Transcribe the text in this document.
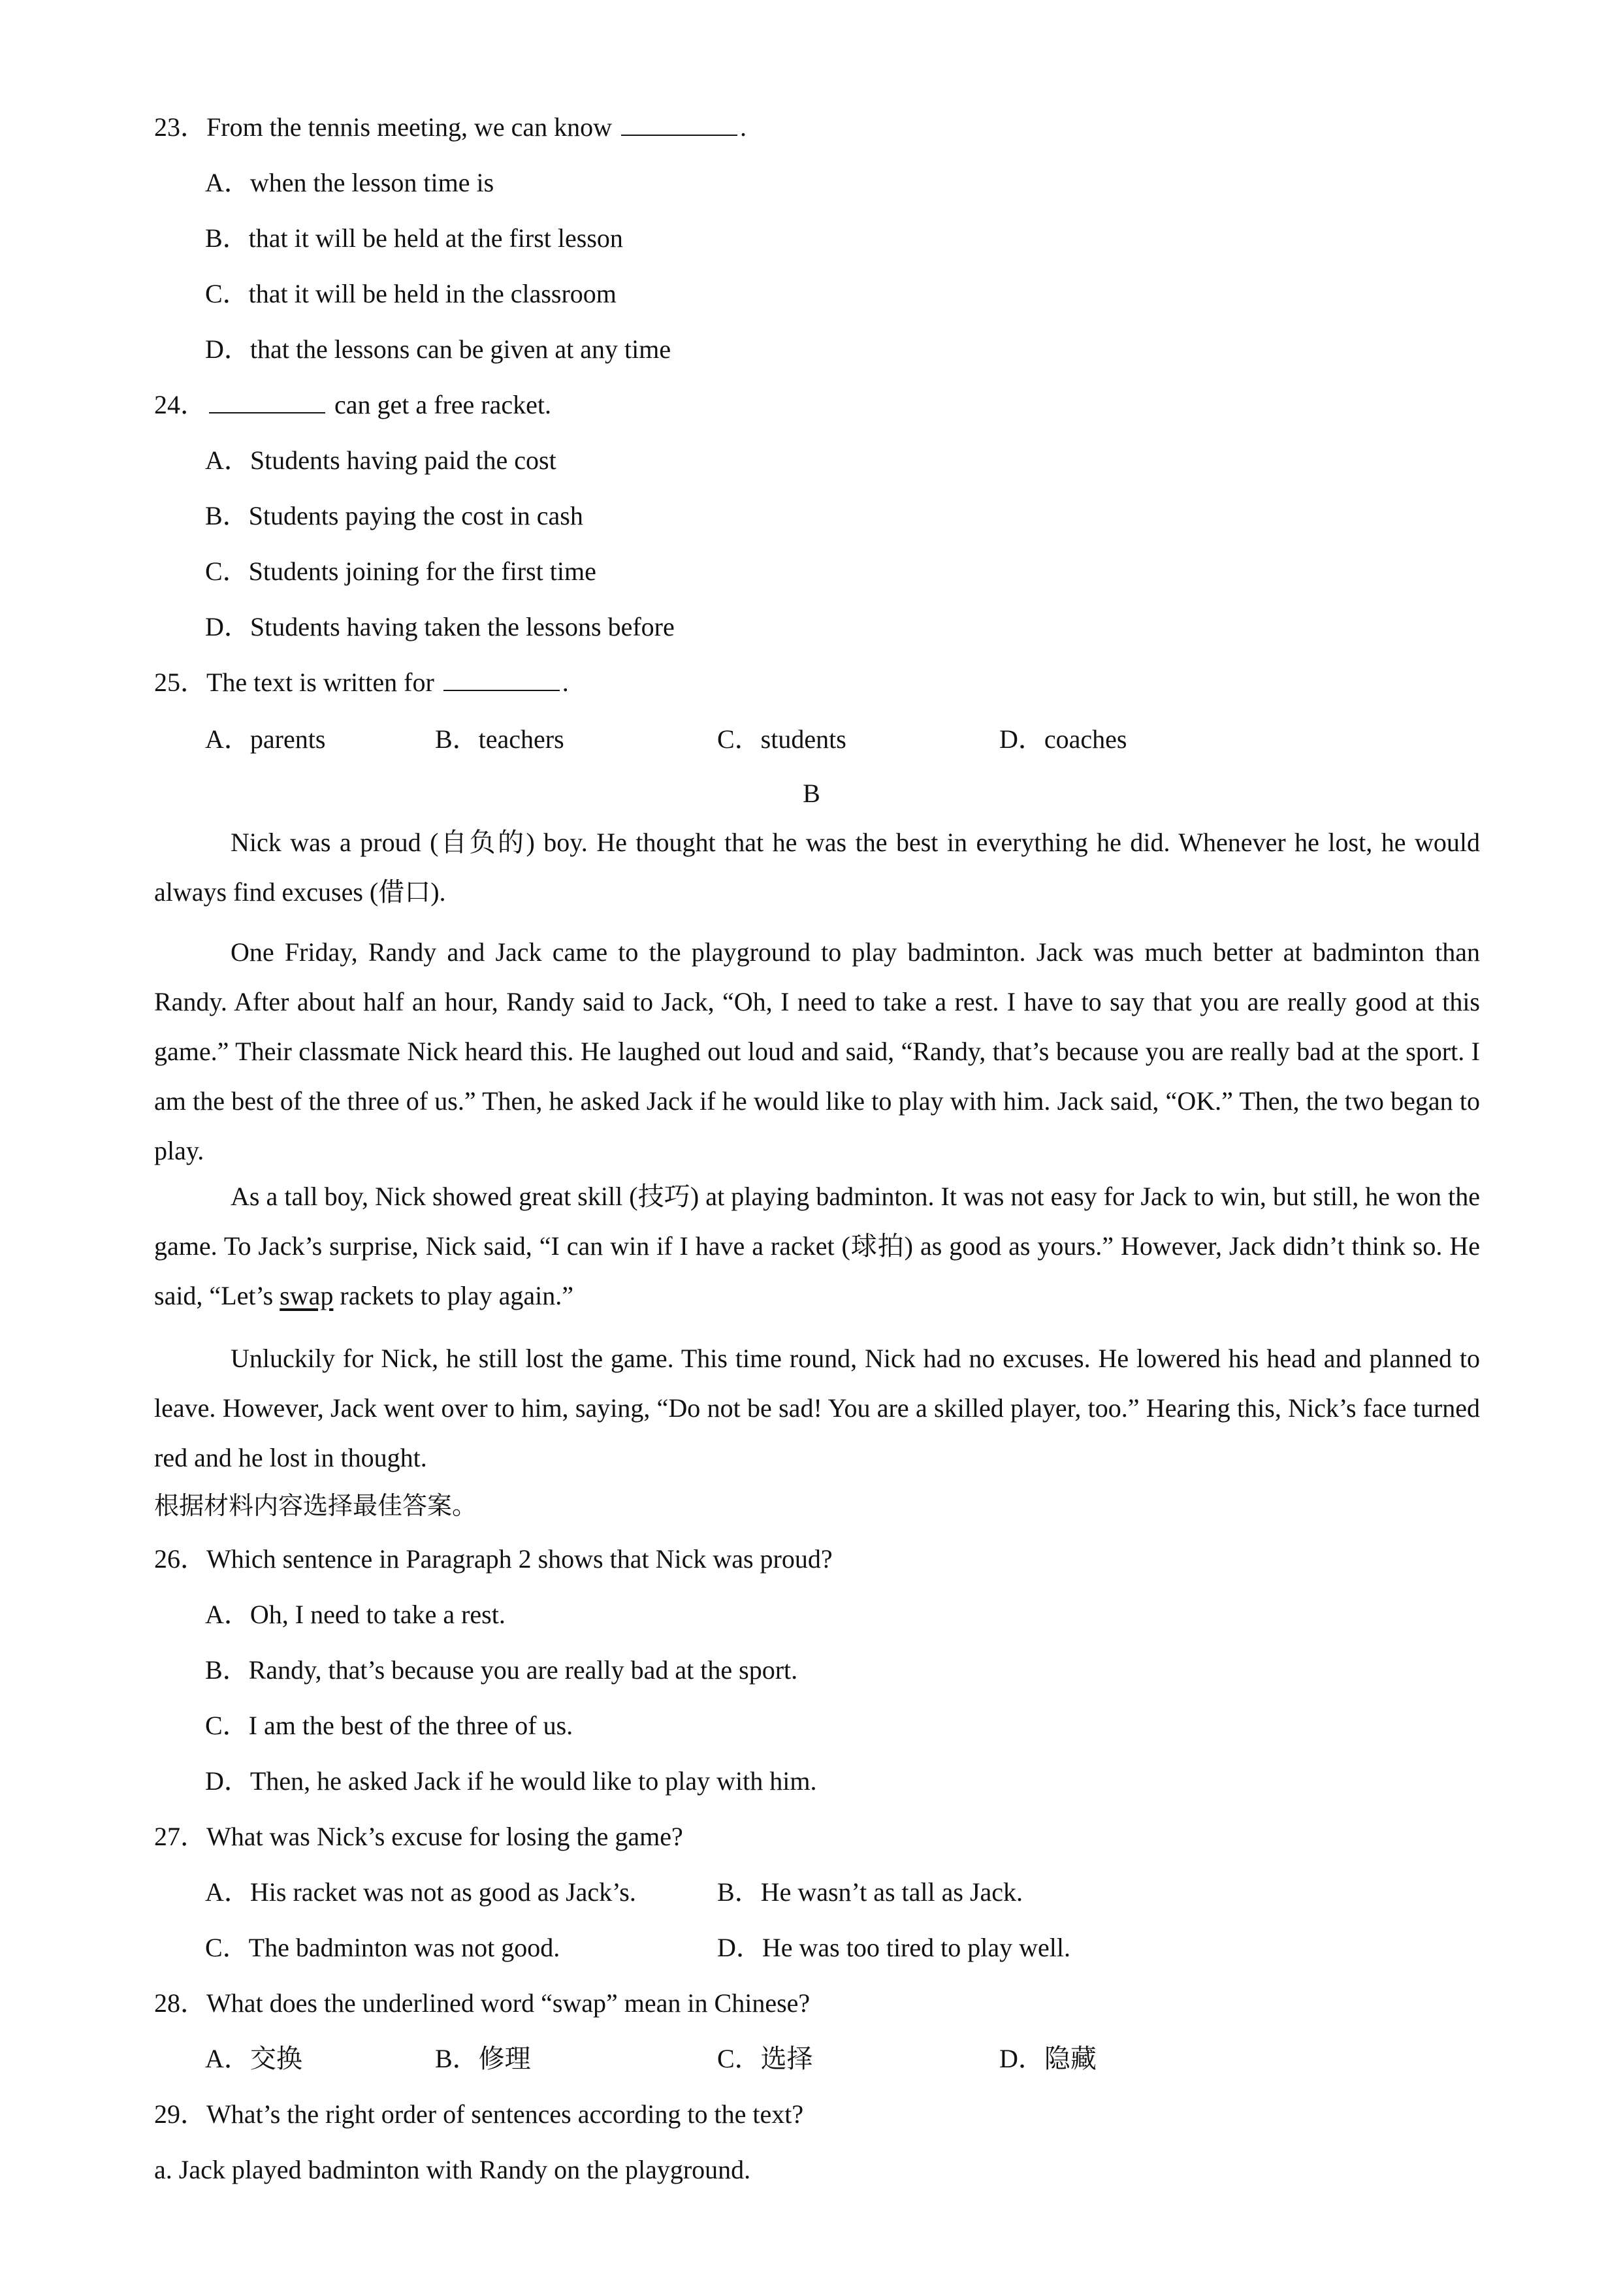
23．From the tennis meeting, we can know	.
A．when the lesson time is
B．that it will be held at the first lesson
C．that it will be held in the classroom
D．that the lessons can be given at any time
24．	can get a free racket.
A．Students having paid the cost
B．Students paying the cost in cash
C．Students joining for the first time
D．Students having taken the lessons before
25．The text is written for	.
A．parents	B．teachers	C．students	D．coaches
B
Nick was a proud (自负的) boy. He thought that he was the best in everything he did. Whenever he lost, he would always find excuses (借口).
One Friday, Randy and Jack came to the playground to play badminton. Jack was much better at badminton than Randy. After about half an hour, Randy said to Jack, “Oh, I need to take a rest. I have to say that you are really good at this game.” Their classmate Nick heard this. He laughed out loud and said, “Randy, that’s because you are really bad at the sport. I am the best of the three of us.” Then, he asked Jack if he would like to play with him. Jack said, “OK.” Then, the two began to play.
As a tall boy, Nick showed great skill (技巧) at playing badminton. It was not easy for Jack to win, but still, he won the game. To Jack’s surprise, Nick said, “I can win if I have a racket (球拍) as good as yours.” However, Jack didn’t think so. He said, “Let’s swap rackets to play again.”
Unluckily for Nick, he still lost the game. This time round, Nick had no excuses. He lowered his head and planned to leave. However, Jack went over to him, saying, “Do not be sad! You are a skilled player, too.” Hearing this, Nick’s face turned red and he lost in thought.
根据材料内容选择最佳答案。
26．Which sentence in Paragraph 2 shows that Nick was proud?
A．Oh, I need to take a rest.
B．Randy, that’s because you are really bad at the sport.
C．I am the best of the three of us.
D．Then, he asked Jack if he would like to play with him.
27．What was Nick’s excuse for losing the game?
A．His racket was not as good as Jack’s.	B．He wasn’t as tall as Jack.
C．The badminton was not good.	D．He was too tired to play well.
28．What does the underlined word “swap” mean in Chinese?
A．交换	B．修理	C．选择	D．隐藏
29．What’s the right order of sentences according to the text?
a. Jack played badminton with Randy on the playground.
